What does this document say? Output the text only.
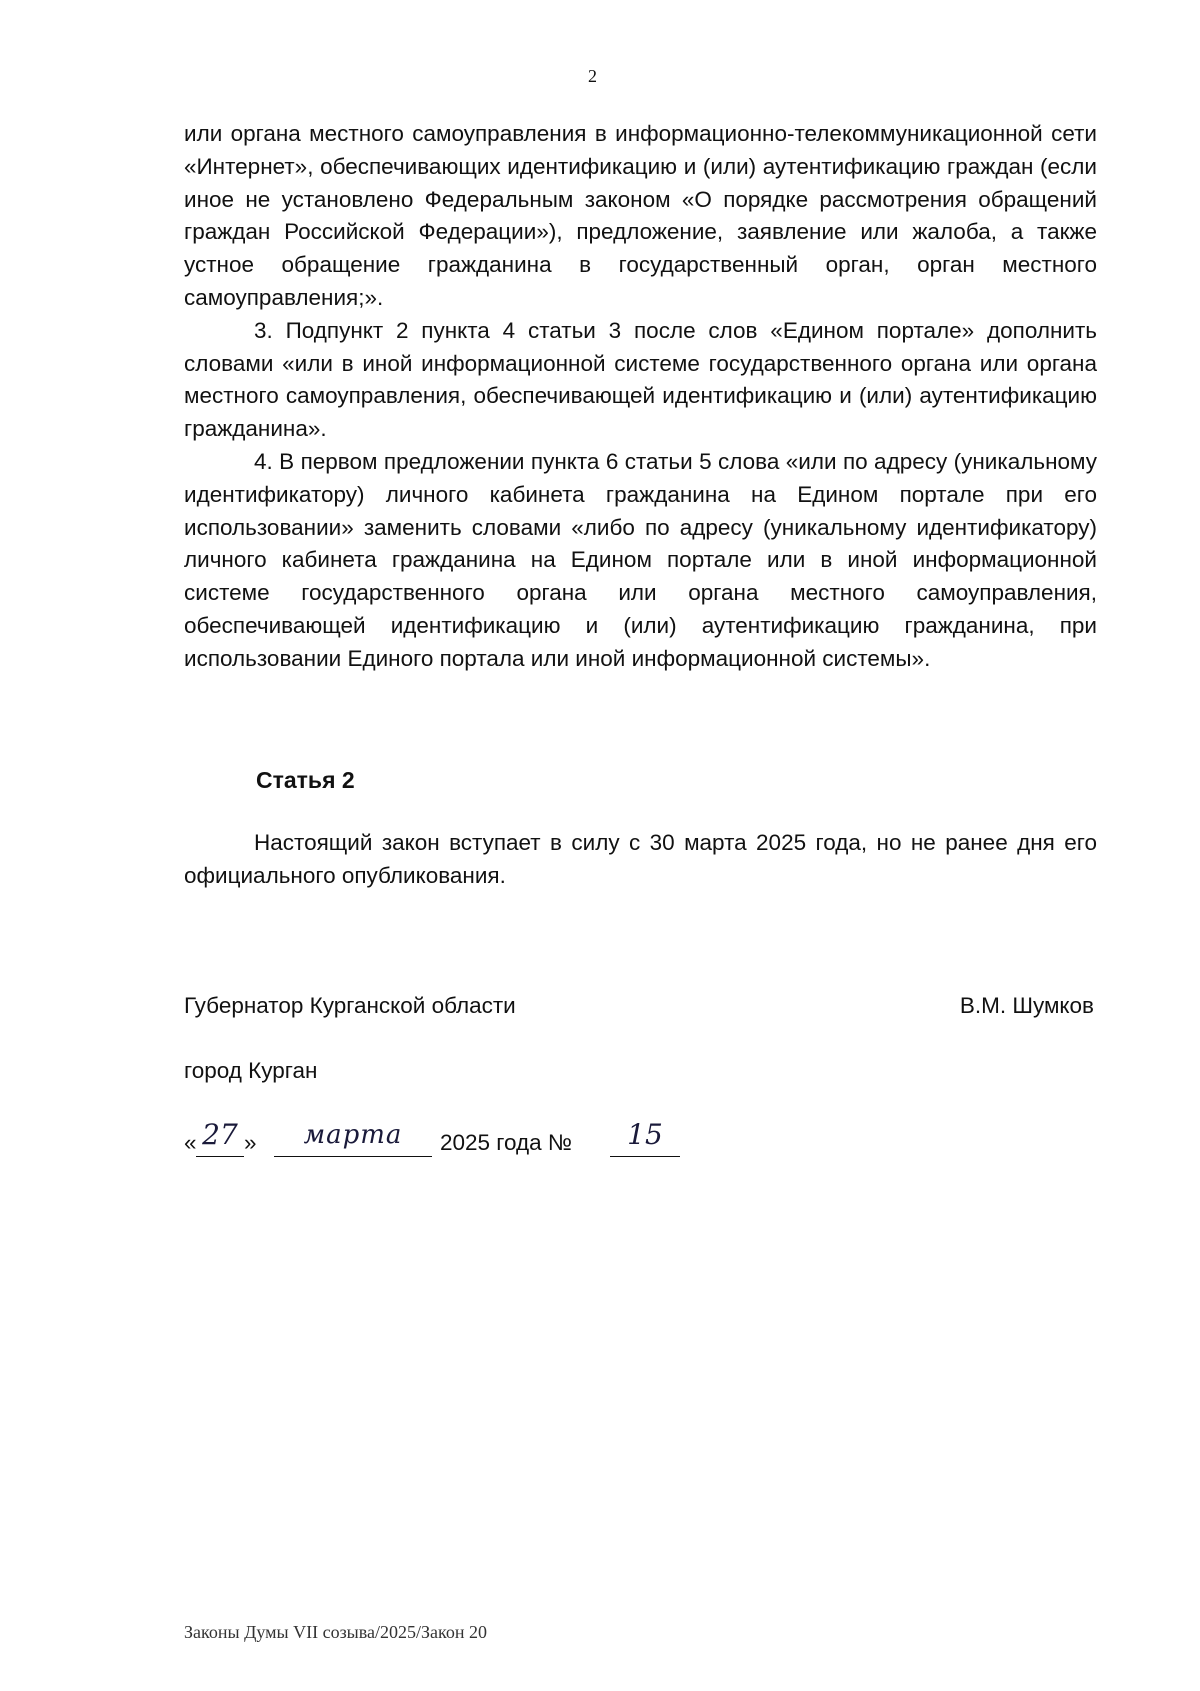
2

или органа местного самоуправления в информационно-телекоммуникационной сети «Интернет», обеспечивающих идентификацию и (или) аутентификацию граждан (если иное не установлено Федеральным законом «О порядке рассмотрения обращений граждан Российской Федерации»), предложение, заявление или жалоба, а также устное обращение гражданина в государственный орган, орган местного самоуправления;».

3. Подпункт 2 пункта 4 статьи 3 после слов «Едином портале» дополнить словами «или в иной информационной системе государственного органа или органа местного самоуправления, обеспечивающей идентификацию и (или) аутентификацию гражданина».

4. В первом предложении пункта 6 статьи 5 слова «или по адресу (уникальному идентификатору) личного кабинета гражданина на Едином портале при его использовании» заменить словами «либо по адресу (уникальному идентификатору) личного кабинета гражданина на Едином портале или в иной информационной системе государственного органа или органа местного самоуправления, обеспечивающей идентификацию и (или) аутентификацию гражданина, при использовании Единого портала или иной информационной системы».

Статья 2
Настоящий закон вступает в силу с 30 марта 2025 года, но не ранее дня его официального опубликования.
Губернатор Курганской области	В.М. Шумков
город Курган
« 27 »	марта	2025 года №	15
Законы Думы VII созыва/2025/Закон 20
